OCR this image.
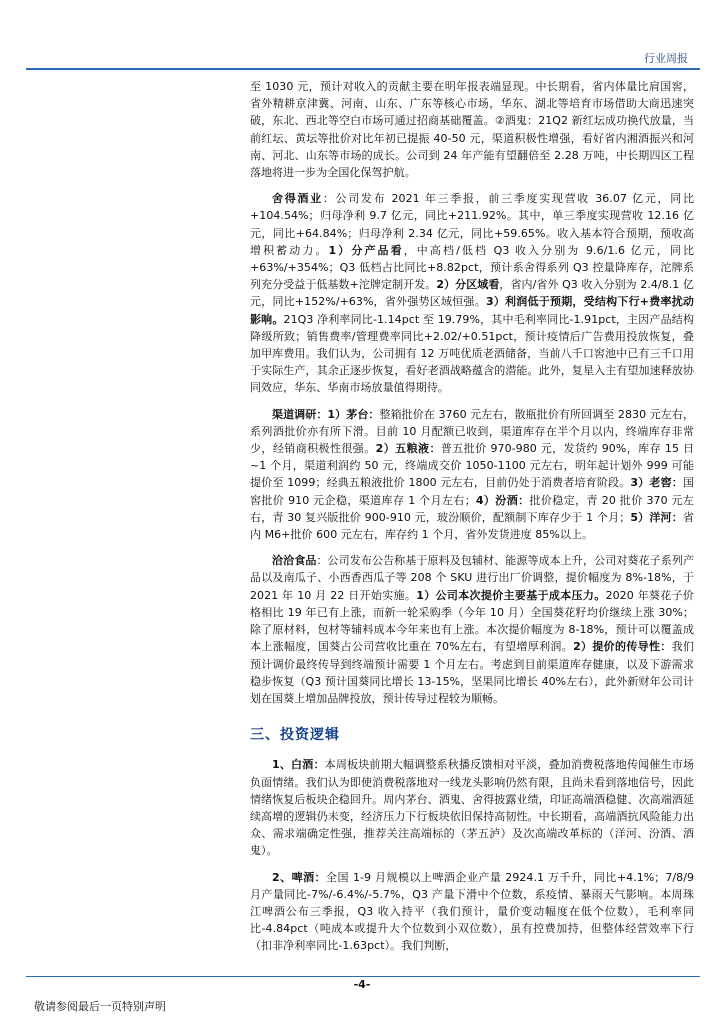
行业周报

至 1030 元，预计对收入的贡献主要在明年报表端显现。中长期看，省内体量比肩国窖，省外精耕京津冀、河南、山东、广东等核心市场，华东、湖北等培育市场借助大商迅速突破，东北、西北等空白市场可通过招商基础覆盖。②酒鬼：21Q2 新红坛成功换代放量，当前红坛、黄坛等批价对比年初已提振 40-50 元，渠道积极性增强，看好省内湘酒振兴和河南、河北、山东等市场的成长。公司到 24 年产能有望翻倍至 2.28 万吨，中长期四区工程落地将进一步为全国化保驾护航。

舍得酒业：公司发布 2021 年三季报，前三季度实现营收 36.07 亿元，同比 +104.54%；归母净利 9.7 亿元，同比+211.92%。其中，单三季度实现营收 12.16 亿元，同比+64.84%；归母净利 2.34 亿元，同比+59.65%。收入基本符合预期，预收高增积蓄动力。1）分产品看，中高档/低档 Q3 收入分别为 9.6/1.6 亿元，同比+63%/+354%；Q3 低档占比同比+8.82pct，预计系舍得系列 Q3 控量降库存，沱牌系列充分受益于低基数+沱牌定制开发。2）分区域看，省内/省外 Q3 收入分别为 2.4/8.1 亿元，同比+152%/+63%，省外强势区域恒强。3）利润低于预期，受结构下行+费率扰动影响。21Q3 净利率同比-1.14pct 至 19.79%，其中毛利率同比-1.91pct，主因产品结构降级所致；销售费率/管理费率同比+2.02/+0.51pct，预计疫情后广告费用投放恢复，叠加甲库费用。我们认为，公司拥有 12 万吨优质老酒储备，当前八千口窖池中已有三千口用于实际生产，其余正逐步恢复，看好老酒战略蕴含的潜能。此外，复星入主有望加速释放协同效应，华东、华南市场放量值得期待。

渠道调研：1）茅台：整箱批价在 3760 元左右，散瓶批价有所回调至 2830 元左右，系列酒批价亦有所下滑。目前 10 月配额已收到，渠道库存在半个月以内，终端库存非常少，经销商积极性很强。2）五粮液：普五批价 970-980 元，发货约 90%，库存 15 日~1 个月，渠道利润约 50 元，终端成交价 1050-1100 元左右，明年起计划外 999 可能提价至 1099；经典五粮液批价 1800 元左右，目前仍处于消费者培育阶段。3）老窖：国窖批价 910 元企稳，渠道库存 1 个月左右；4）汾酒：批价稳定，青 20 批价 370 元左右，青 30 复兴版批价 900-910 元，玻汾顺价，配额制下库存少于 1 个月；5）洋河：省内 M6+批价 600 元左右，库存约 1 个月，省外发货进度 85%以上。

洽洽食品：公司发布公告称基于原料及包辅材、能源等成本上升，公司对葵花子系列产品以及南瓜子、小西香西瓜子等 208 个 SKU 进行出厂价调整，提价幅度为 8%-18%，于 2021 年 10 月 22 日开始实施。1）公司本次提价主要基于成本压力。2020 年葵花子价格相比 19 年已有上涨，而新一轮采购季（今年 10 月）全国葵花籽均价继续上涨 30%；除了原材料，包材等辅料成本今年来也有上涨。本次提价幅度为 8-18%，预计可以覆盖成本上涨幅度，国葵占公司营收比重在 70%左右，有望增厚利润。2）提价的传导性：我们预计调价最终传导到终端预计需要 1 个月左右。考虑到目前渠道库存健康，以及下游需求稳步恢复（Q3 预计国葵同比增长 13-15%，坚果同比增长 40%左右），此外新财年公司计划在国葵上增加品牌投放，预计传导过程较为顺畅。

三、投资逻辑

1、白酒：本周板块前期大幅调整系秋播反馈相对平淡，叠加消费税落地传闻催生市场负面情绪。我们认为即使消费税落地对一线龙头影响仍然有限，且尚未看到落地信号，因此情绪恢复后板块企稳回升。周内茅台、酒鬼、舍得披露业绩，印证高端酒稳健、次高端酒延续高增的逻辑仍未变，经济压力下行板块依旧保持高韧性。中长期看，高端酒抗风险能力出众、需求端确定性强，推荐关注高端标的（茅五泸）及次高端改革标的（洋河、汾酒、酒鬼）。

2、啤酒：全国 1-9 月规模以上啤酒企业产量 2924.1 万千升，同比+4.1%；7/8/9 月产量同比-7%/-6.4%/-5.7%，Q3 产量下滑中个位数，系疫情、暴雨天气影响。本周珠江啤酒公布三季报，Q3 收入持平（我们预计，量价变动幅度在低个位数），毛利率同比-4.84pct（吨成本或提升大个位数到小双位数），虽有控费加持，但整体经营效率下行（扣非净利率同比-1.63pct）。我们判断，

-4-
敬请参阅最后一页特别声明
